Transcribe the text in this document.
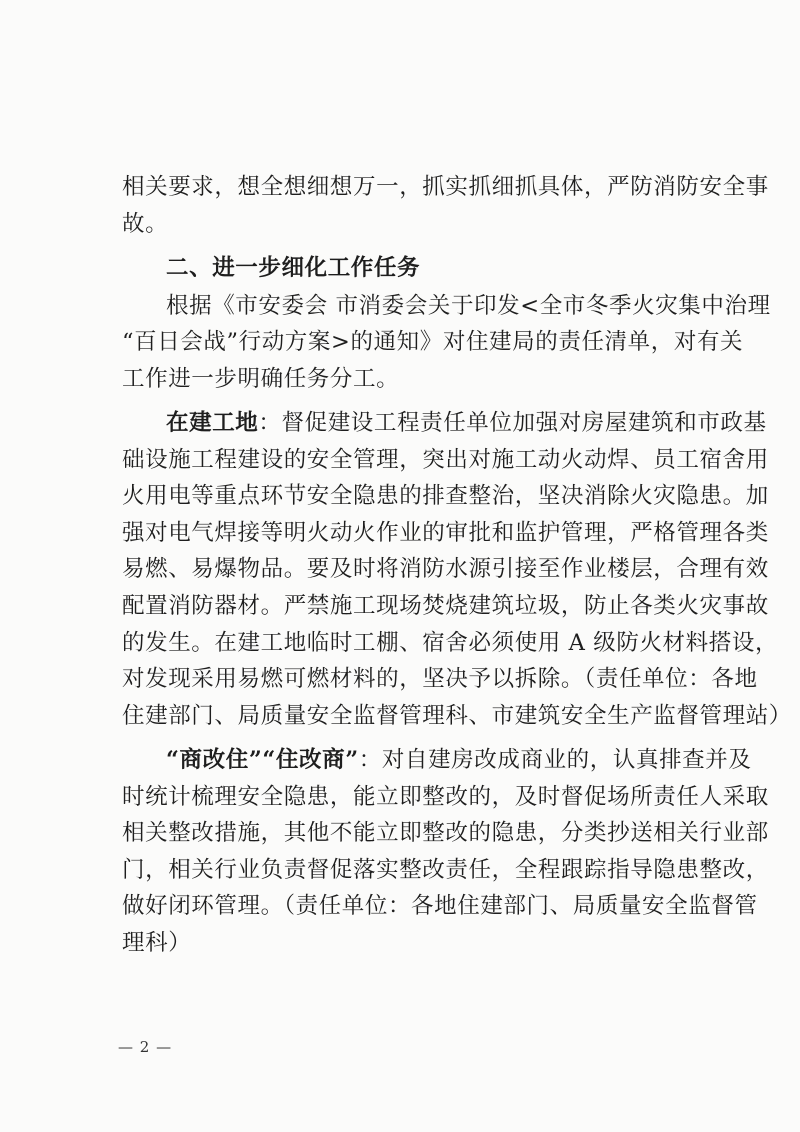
相关要求，想全想细想万一，抓实抓细抓具体，严防消防安全事
故。
二、进一步细化工作任务
根据《市安委会 市消委会关于印发<全市冬季火灾集中治理
“百日会战”行动方案>的通知》对住建局的责任清单，对有关
工作进一步明确任务分工。
在建工地：督促建设工程责任单位加强对房屋建筑和市政基
础设施工程建设的安全管理，突出对施工动火动焊、员工宿舍用
火用电等重点环节安全隐患的排查整治，坚决消除火灾隐患。加
强对电气焊接等明火动火作业的审批和监护管理，严格管理各类
易燃、易爆物品。要及时将消防水源引接至作业楼层，合理有效
配置消防器材。严禁施工现场焚烧建筑垃圾，防止各类火灾事故
的发生。在建工地临时工棚、宿舍必须使用 A 级防火材料搭设，
对发现采用易燃可燃材料的，坚决予以拆除。（责任单位：各地
住建部门、局质量安全监督管理科、市建筑安全生产监督管理站）
“商改住”“住改商”：对自建房改成商业的，认真排查并及
时统计梳理安全隐患，能立即整改的，及时督促场所责任人采取
相关整改措施，其他不能立即整改的隐患，分类抄送相关行业部
门，相关行业负责督促落实整改责任，全程跟踪指导隐患整改，
做好闭环管理。（责任单位：各地住建部门、局质量安全监督管
理科）
— 2 —
